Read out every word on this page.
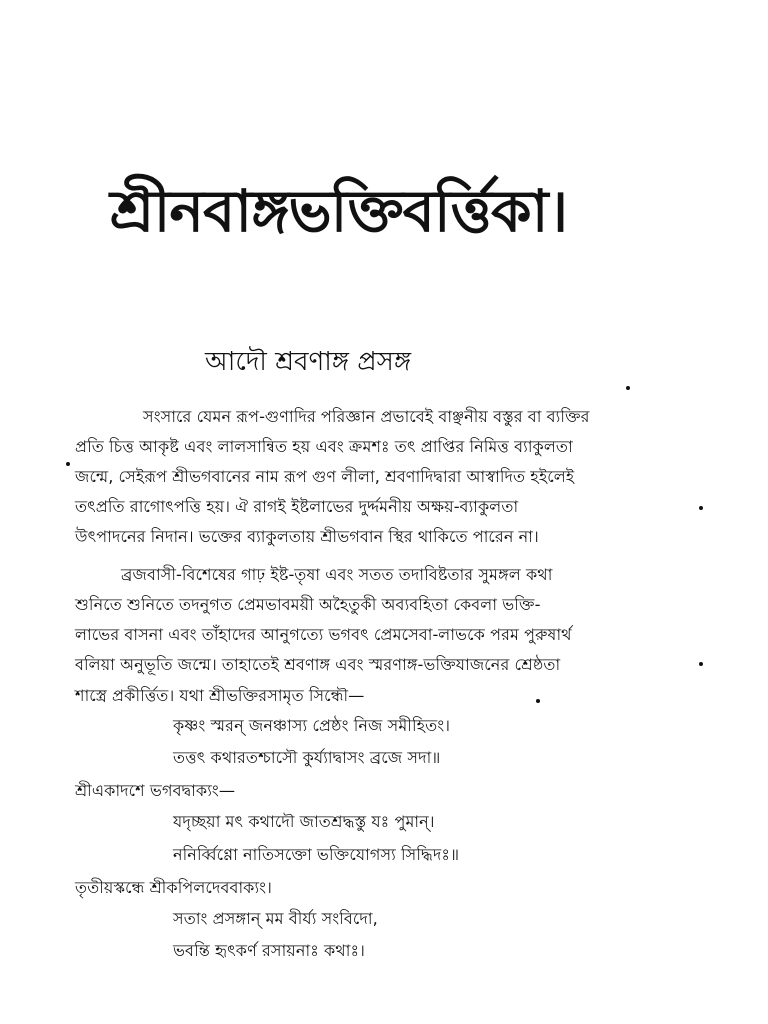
শ্রীনবাঙ্গভক্তিবর্ত্তিকা।
আদৌ শ্রবণাঙ্গ প্রসঙ্গ
সংসারে যেমন রূপ-গুণাদির পরিজ্ঞান প্রভাবেই বাঞ্ছনীয় বস্তুর বা ব্যক্তির
প্রতি চিত্ত আকৃষ্ট এবং লালসান্বিত হয় এবং ক্রমশঃ তৎ প্রাপ্তির নিমিত্ত ব্যাকুলতা
জন্মে, সেইরূপ শ্রীভগবানের নাম রূপ গুণ লীলা, শ্রবণাদিদ্বারা আস্বাদিত হইলেই
তৎপ্রতি রাগোৎপত্তি হয়। ঐ রাগই ইষ্টলাভের দুর্দ্দমনীয় অক্ষয়-ব্যাকুলতা
উৎপাদনের নিদান। ভক্তের ব্যাকুলতায় শ্রীভগবান স্থির থাকিতে পারেন না।
ব্রজবাসী-বিশেষের গাঢ় ইষ্ট-তৃষা এবং সতত তদাবিষ্টতার সুমঙ্গল কথা
শুনিতে শুনিতে তদনুগত প্রেমভাবময়ী অহৈতুকী অব্যবহিতা কেবলা ভক্তি-
লাভের বাসনা এবং তাঁহাদের আনুগত্যে ভগবৎ প্রেমসেবা-লাভকে পরম পুরুষার্থ
বলিয়া অনুভূতি জন্মে। তাহাতেই শ্রবণাঙ্গ এবং স্মরণাঙ্গ-ভক্তিযাজনের শ্রেষ্ঠতা
শাস্ত্রে প্রকীর্ত্তিত। যথা শ্রীভক্তিরসামৃত সিন্ধৌ—
কৃষ্ণং স্মরন্ জনঞ্চাস্য প্রেষ্ঠং নিজ সমীহিতং।
তত্তৎ কথারতশ্চাসৌ কুর্য্যাদ্বাসং ব্রজে সদা॥
শ্রীএকাদশে ভগবদ্বাক্যং—
যদৃচ্ছয়া মৎ কথাদৌ জাতশ্রদ্ধস্তু যঃ পুমান্।
ননির্ব্বিণ্ণো নাতিসক্তো ভক্তিযোগস্য সিদ্ধিদঃ॥
তৃতীয়স্কন্ধে শ্রীকপিলদেববাক্যং।
সতাং প্রসঙ্গান্ মম বীর্য্য সংবিদো,
ভবন্তি হৃৎকর্ণ রসায়নাঃ কথাঃ।
